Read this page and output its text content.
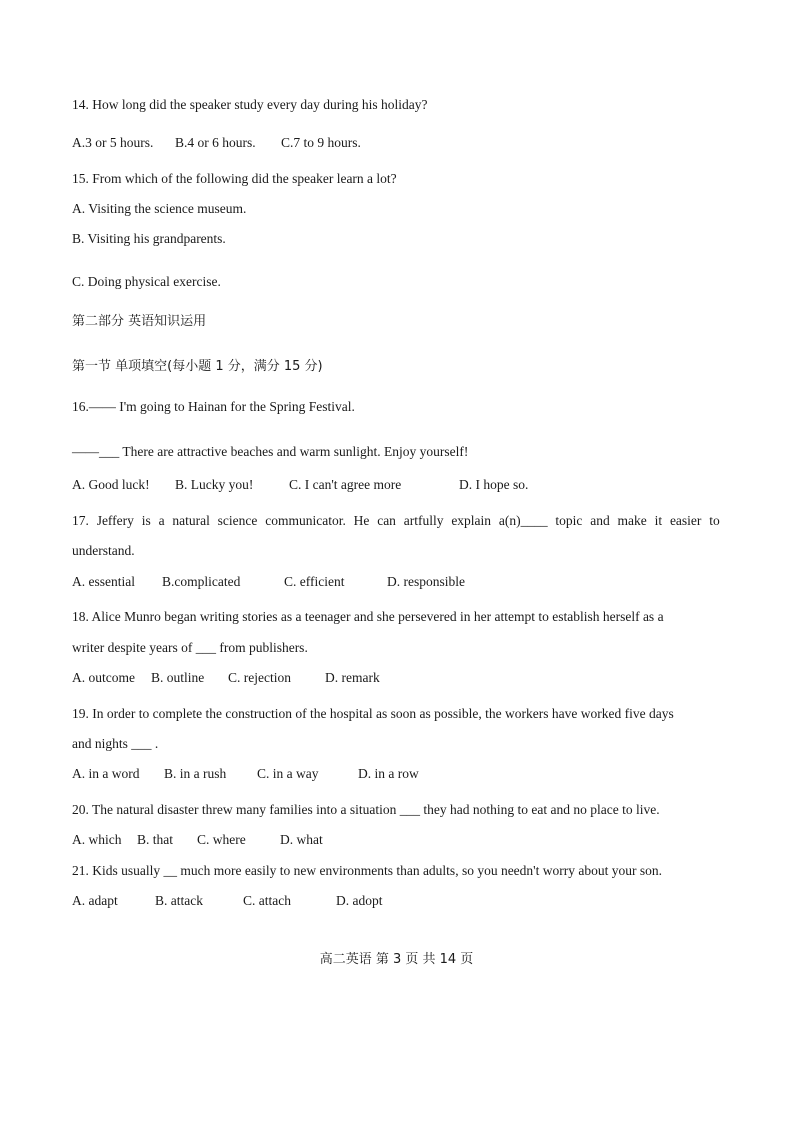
14. How long did the speaker study every day during his holiday?
A.3 or 5 hours. B.4 or 6 hours. C.7 to 9 hours.
15. From which of the following did the speaker learn a lot?
A. Visiting the science museum.
B. Visiting his grandparents.
C. Doing physical exercise.
第二部分 英语知识运用
第一节 单项填空(每小题 1 分，满分 15 分)
16.—— I'm going to Hainan for the Spring Festival.
——___ There are attractive beaches and warm sunlight. Enjoy yourself!
A. Good luck! B. Lucky you!	C. I can't agree more	D. I hope so.
17. Jeffery is a natural science communicator. He can artfully explain a(n)____ topic and make it easier to
understand.
A. essential B.complicated	C. efficient	D. responsible
18. Alice Munro began writing stories as a teenager and she persevered in her attempt to establish herself as a
writer despite years of ___ from publishers.
A. outcome B. outline C. rejection	D. remark
19. In order to complete the construction of the hospital as soon as possible, the workers have worked five days
and nights ___ .
A. in a word B. in a rush C. in a way	D. in a row
20. The natural disaster threw many families into a situation ___ they had nothing to eat and no place to live.
A. which B. that C. where	D. what
21. Kids usually __ much more easily to new environments than adults, so you needn't worry about your son.
A. adapt	B. attack	C. attach	D. adopt
高二英语 第 3 页 共 14 页
